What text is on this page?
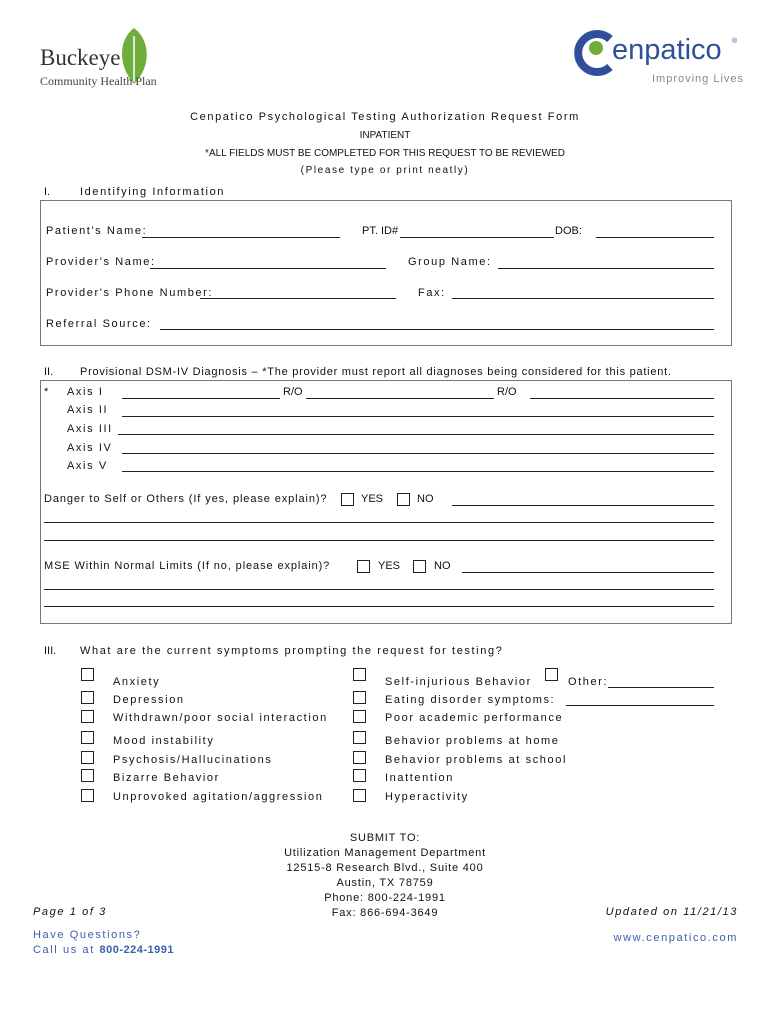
Buckeye
Community Health Plan
enpatico ®
Improving Lives
Cenpatico Psychological Testing Authorization Request Form
INPATIENT
*ALL FIELDS MUST BE COMPLETED FOR THIS REQUEST TO BE REVIEWED
(Please type or print neatly)
I.	Identifying Information
Patient's Name:	PT. ID#	DOB:
Provider's Name:	Group Name:
Provider's Phone Number:	Fax:
Referral Source:
II. Provisional DSM-IV Diagnosis – *The provider must report all diagnoses being considered for this patient.
* Axis I	R/O	R/O
Axis II
Axis III
Axis IV
Axis V
Danger to Self or Others (If yes, please explain)?	YES	NO
MSE Within Normal Limits (If no, please explain)?	YES	NO
III. What are the current symptoms prompting the request for testing?
Anxiety
Depression
Withdrawn/poor social interaction
Mood instability
Psychosis/Hallucinations
Bizarre Behavior
Unprovoked agitation/aggression
Self-injurious Behavior	Other:
Eating disorder symptoms:
Poor academic performance
Behavior problems at home
Behavior problems at school
Inattention
Hyperactivity
SUBMIT TO:
Utilization Management Department
12515-8 Research Blvd., Suite 400
Austin, TX 78759
Phone: 800-224-1991
Fax: 866-694-3649
Page 1 of 3	Updated on 11/21/13
Have Questions?
Call us at 800-224-1991
www.cenpatico.com
